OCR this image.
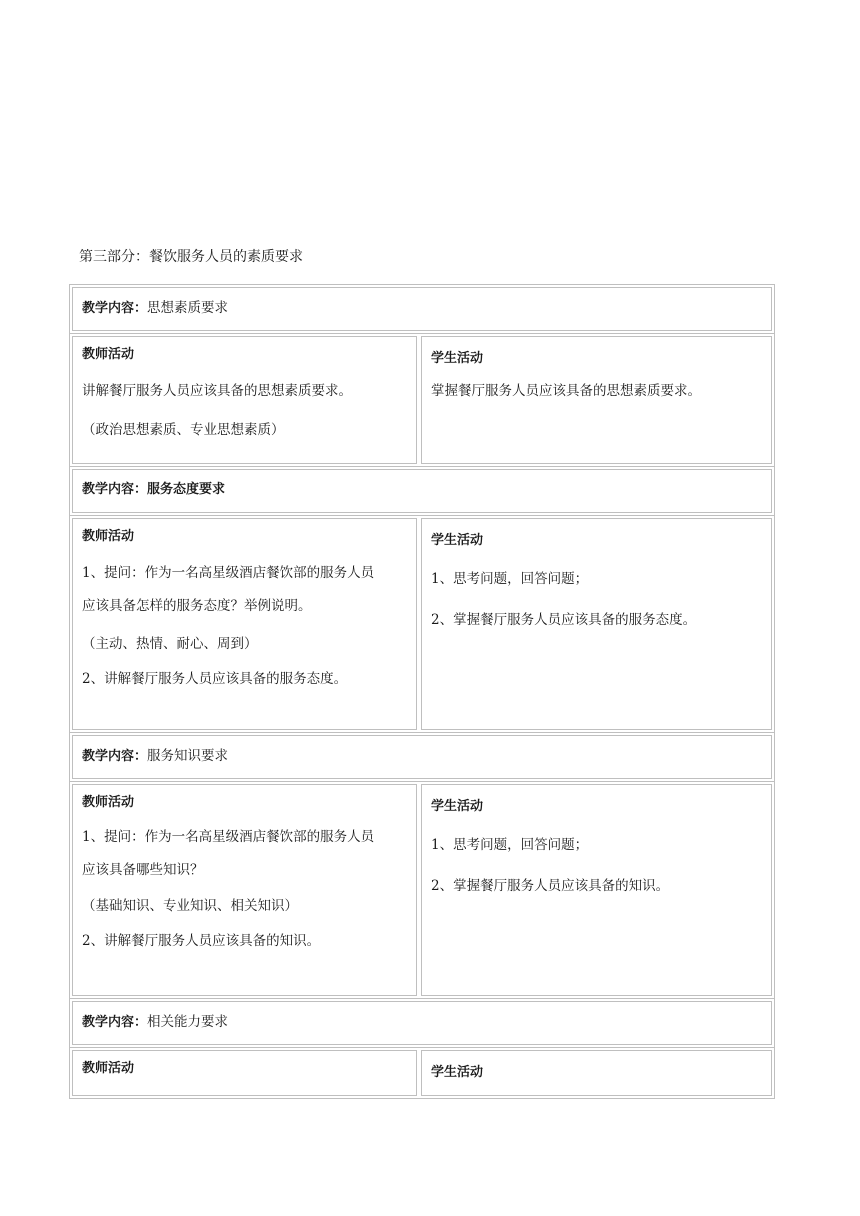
第三部分：餐饮服务人员的素质要求
教学内容：思想素质要求

教师活动

讲解餐厅服务人员应该具备的思想素质要求。

（政治思想素质、专业思想素质）

学生活动

掌握餐厅服务人员应该具备的思想素质要求。

教学内容：服务态度要求

教师活动

1、提问：作为一名高星级酒店餐饮部的服务人员

应该具备怎样的服务态度？举例说明。

（主动、热情、耐心、周到）

2、讲解餐厅服务人员应该具备的服务态度。

学生活动

1、思考问题，回答问题；

2、掌握餐厅服务人员应该具备的服务态度。

教学内容：服务知识要求

教师活动

1、提问：作为一名高星级酒店餐饮部的服务人员

应该具备哪些知识？

（基础知识、专业知识、相关知识）

2、讲解餐厅服务人员应该具备的知识。

学生活动

1、思考问题，回答问题；

2、掌握餐厅服务人员应该具备的知识。

教学内容：相关能力要求

教师活动	学生活动
